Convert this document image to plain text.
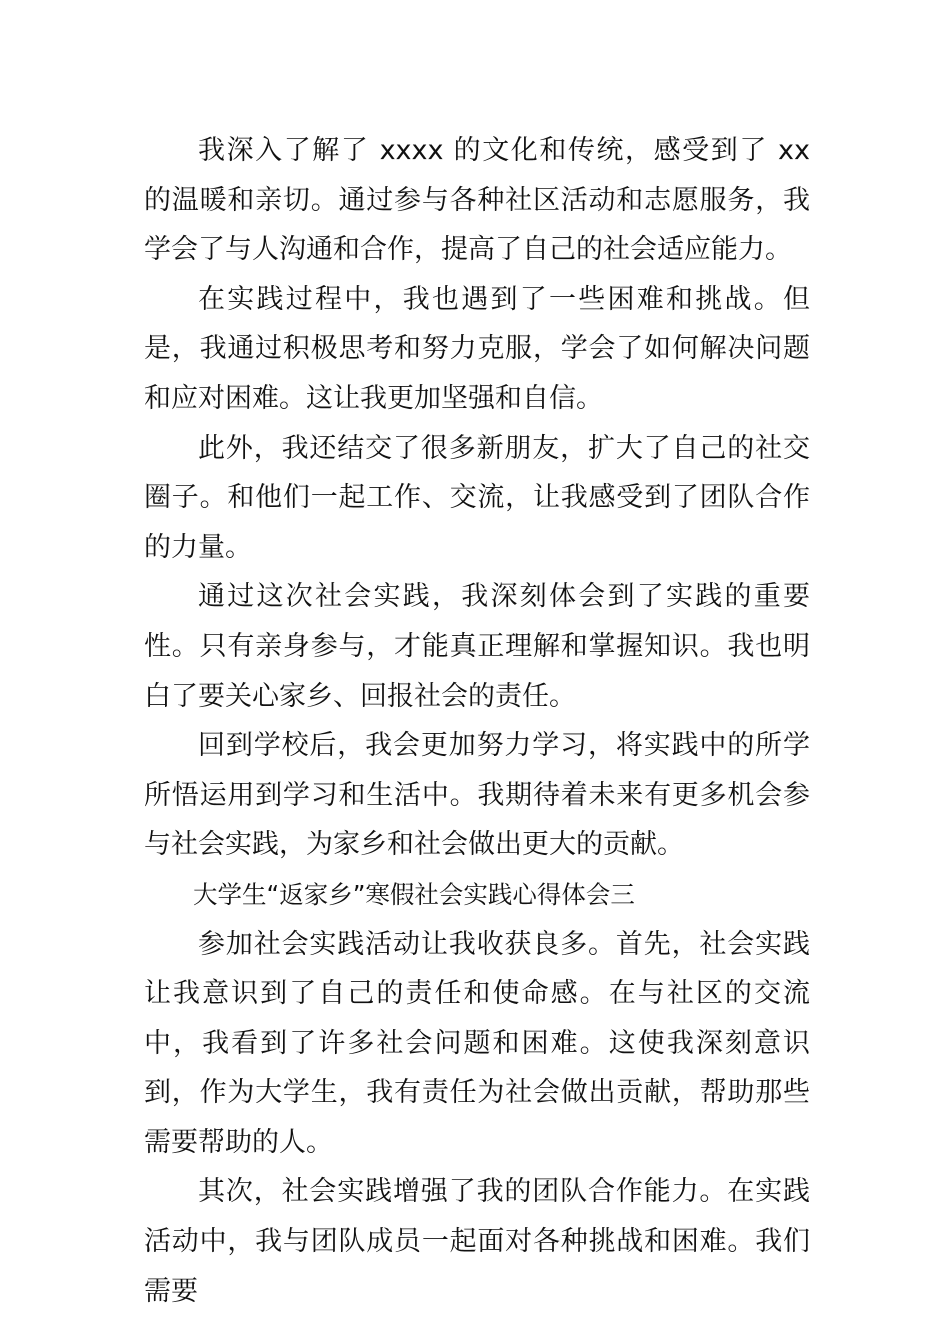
我深入了解了 xxxx 的文化和传统，感受到了 xx 的温暖和亲切。通过参与各种社区活动和志愿服务，我学会了与人沟通和合作，提高了自己的社会适应能力。

在实践过程中，我也遇到了一些困难和挑战。但是，我通过积极思考和努力克服，学会了如何解决问题和应对困难。这让我更加坚强和自信。

此外，我还结交了很多新朋友，扩大了自己的社交圈子。和他们一起工作、交流，让我感受到了团队合作的力量。

通过这次社会实践，我深刻体会到了实践的重要性。只有亲身参与，才能真正理解和掌握知识。我也明白了要关心家乡、回报社会的责任。

回到学校后，我会更加努力学习，将实践中的所学所悟运用到学习和生活中。我期待着未来有更多机会参与社会实践，为家乡和社会做出更大的贡献。

大学生“返家乡”寒假社会实践心得体会三

参加社会实践活动让我收获良多。首先，社会实践让我意识到了自己的责任和使命感。在与社区的交流中，我看到了许多社会问题和困难。这使我深刻意识到，作为大学生，我有责任为社会做出贡献，帮助那些需要帮助的人。

其次，社会实践增强了我的团队合作能力。在实践活动中，我与团队成员一起面对各种挑战和困难。我们需要
